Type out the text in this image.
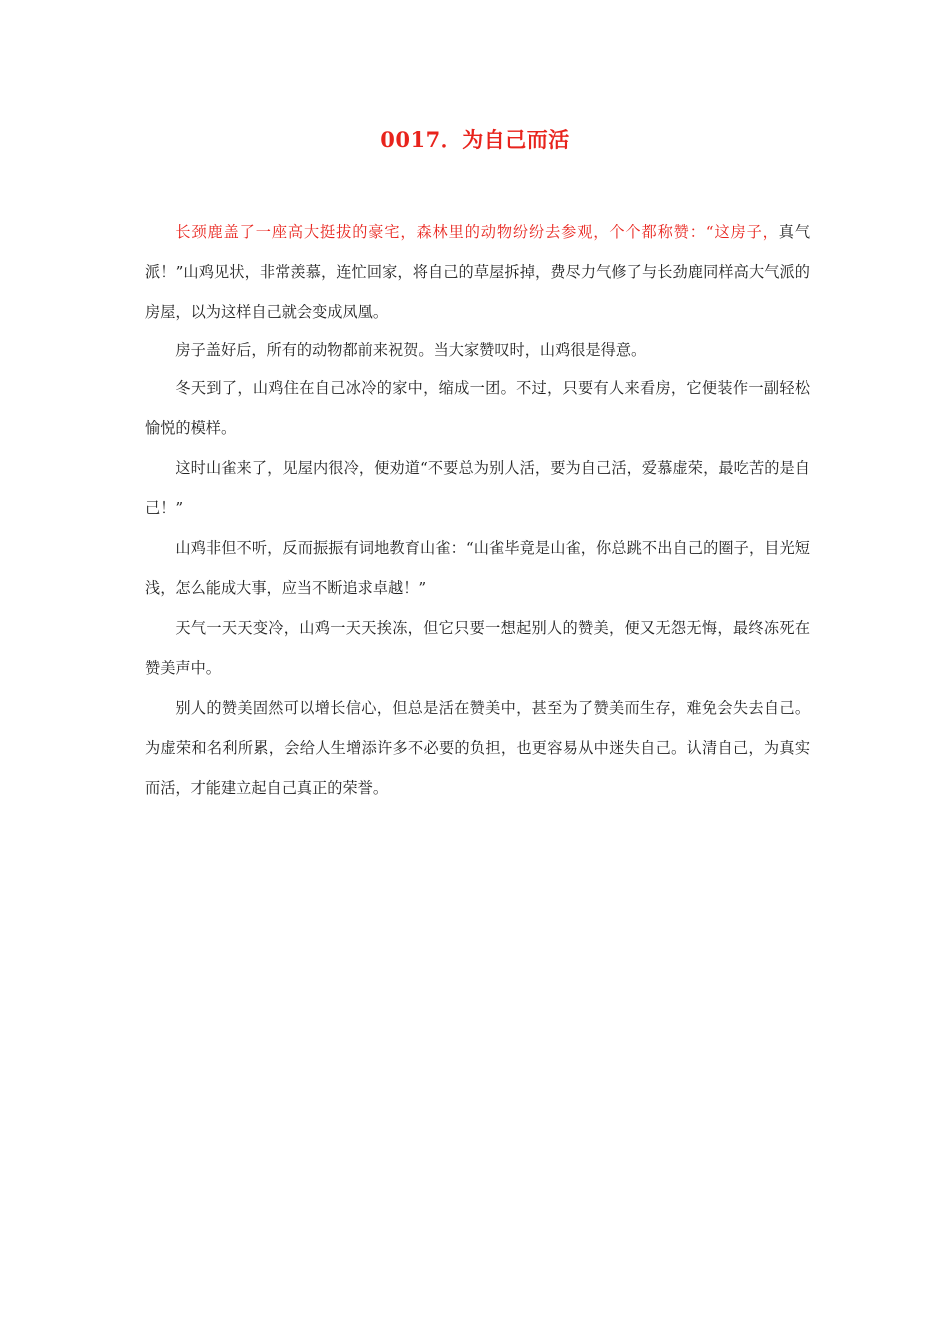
0017．为自己而活

长颈鹿盖了一座高大挺拔的豪宅，森林里的动物纷纷去参观，个个都称赞：“这房子，真气派！”山鸡见状，非常羡慕，连忙回家，将自己的草屋拆掉，费尽力气修了与长劲鹿同样高大气派的房屋，以为这样自己就会变成凤凰。

房子盖好后，所有的动物都前来祝贺。当大家赞叹时，山鸡很是得意。

冬天到了，山鸡住在自己冰冷的家中，缩成一团。不过，只要有人来看房，它便装作一副轻松愉悦的模样。

这时山雀来了，见屋内很冷，便劝道“不要总为别人活，要为自己活，爱慕虚荣，最吃苦的是自己！”

山鸡非但不听，反而振振有词地教育山雀：“山雀毕竟是山雀，你总跳不出自己的圈子，目光短浅，怎么能成大事，应当不断追求卓越！”

天气一天天变冷，山鸡一天天挨冻，但它只要一想起别人的赞美，便又无怨无悔，最终冻死在赞美声中。

别人的赞美固然可以增长信心，但总是活在赞美中，甚至为了赞美而生存，难免会失去自己。为虚荣和名利所累，会给人生增添许多不必要的负担，也更容易从中迷失自己。认清自己，为真实而活，才能建立起自己真正的荣誉。
